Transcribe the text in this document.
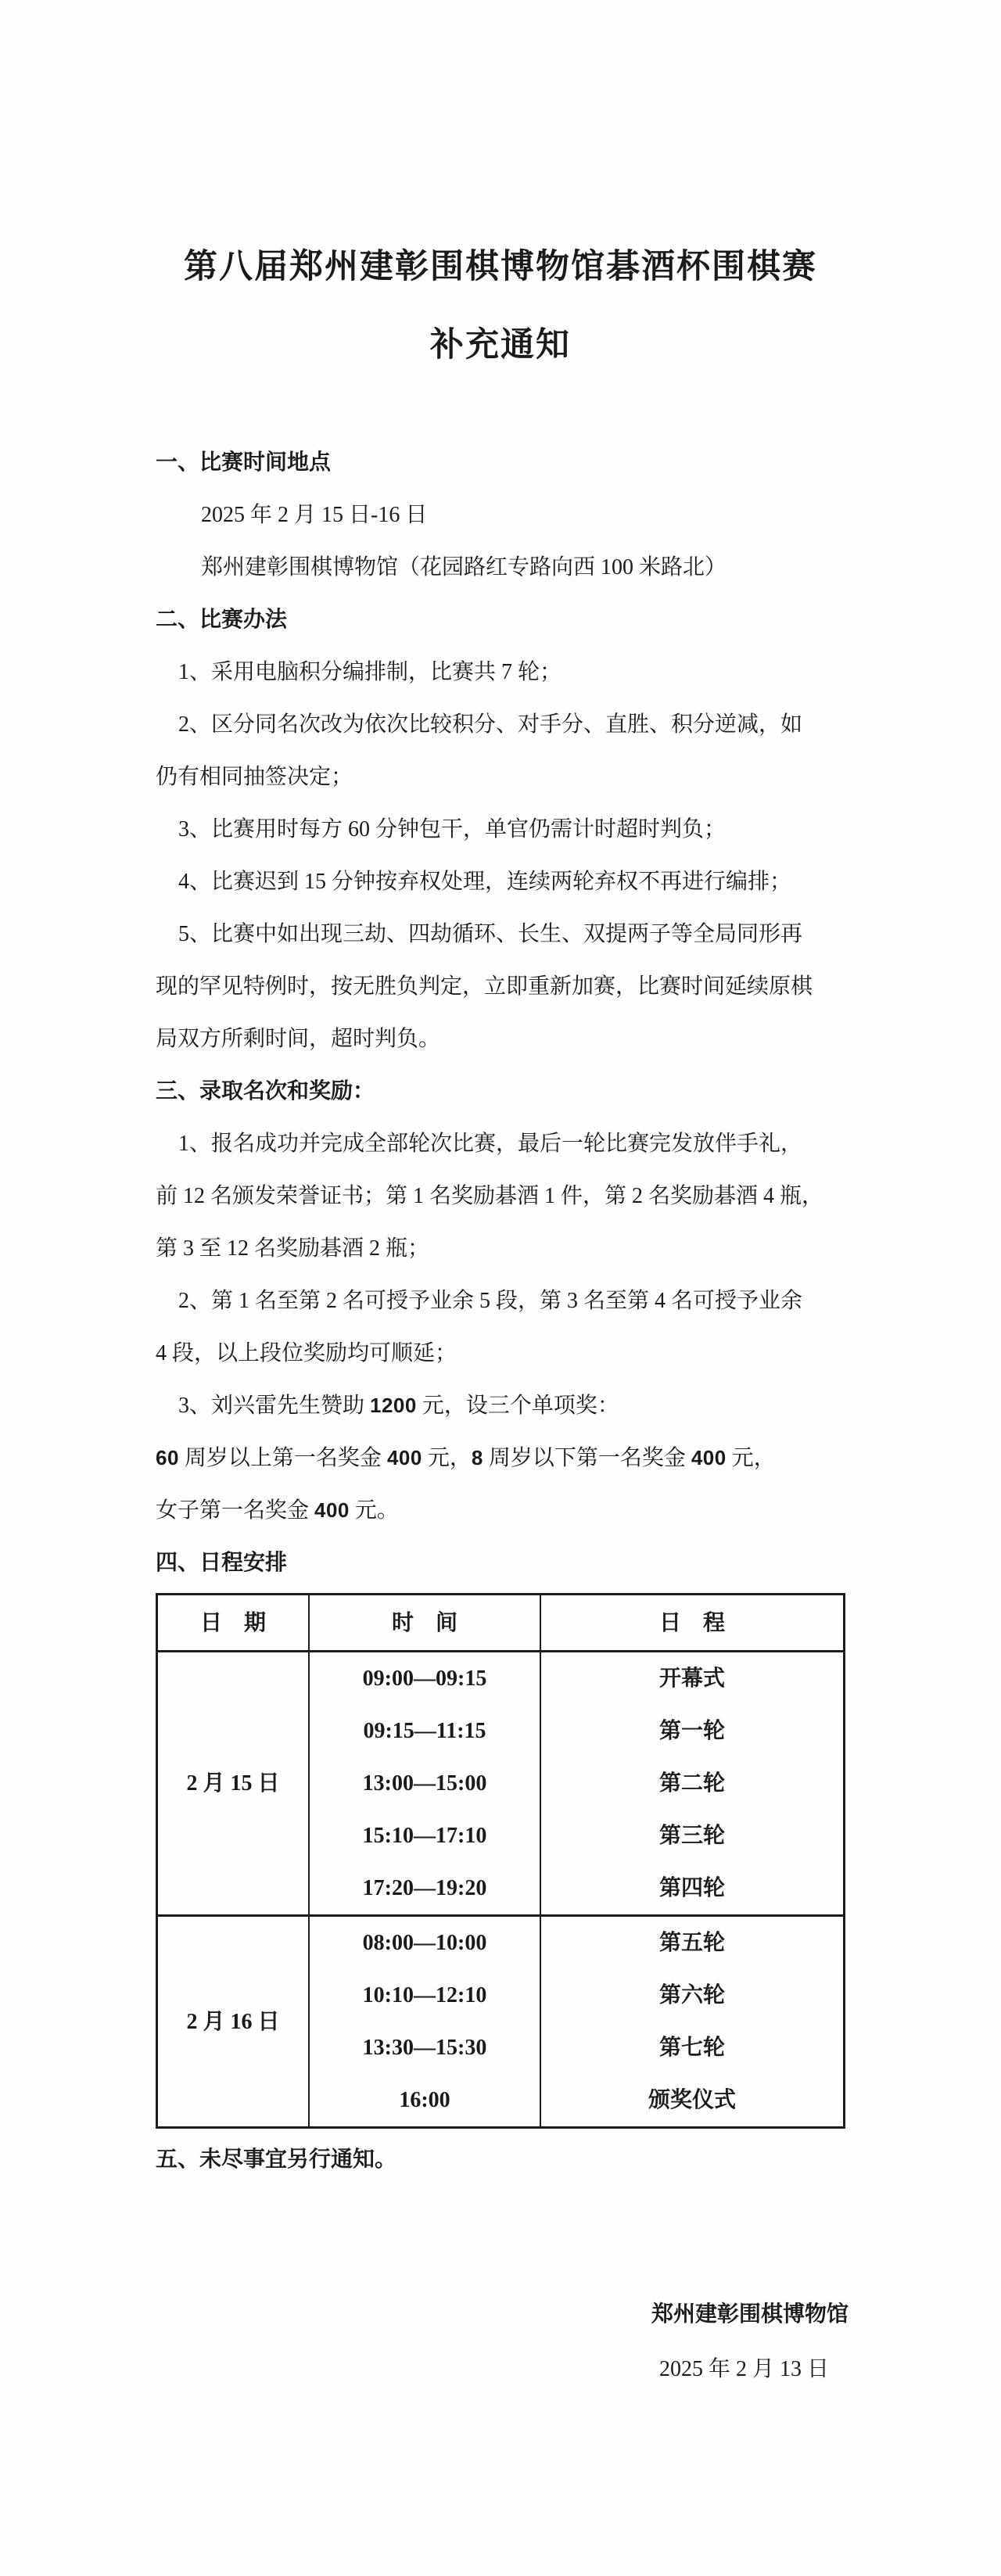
第八届郑州建彰围棋博物馆碁酒杯围棋赛
补充通知
一、比赛时间地点
2025 年 2 月 15 日-16 日
郑州建彰围棋博物馆（花园路红专路向西 100 米路北）
二、比赛办法
1、采用电脑积分编排制，比赛共 7 轮；
2、区分同名次改为依次比较积分、对手分、直胜、积分逆减，如
仍有相同抽签决定；
3、比赛用时每方 60 分钟包干，单官仍需计时超时判负；
4、比赛迟到 15 分钟按弃权处理，连续两轮弃权不再进行编排；
5、比赛中如出现三劫、四劫循环、长生、双提两子等全局同形再
现的罕见特例时，按无胜负判定，立即重新加赛，比赛时间延续原棋
局双方所剩时间，超时判负。
三、录取名次和奖励：
1、报名成功并完成全部轮次比赛，最后一轮比赛完发放伴手礼，
前 12 名颁发荣誉证书；第 1 名奖励碁酒 1 件，第 2 名奖励碁酒 4 瓶，
第 3 至 12 名奖励碁酒 2 瓶；
2、第 1 名至第 2 名可授予业余 5 段，第 3 名至第 4 名可授予业余
4 段，以上段位奖励均可顺延；
3、刘兴雷先生赞助 1200 元，设三个单项奖：
60 周岁以上第一名奖金 400 元，8 周岁以下第一名奖金 400 元，
女子第一名奖金 400 元。
四、日程安排
日　期	时　间	日　程
2 月 15 日	09:00—09:15	开幕式
	09:15—11:15	第一轮
	13:00—15:00	第二轮
	15:10—17:10	第三轮
	17:20—19:20	第四轮
2 月 16 日	08:00—10:00	第五轮
	10:10—12:10	第六轮
	13:30—15:30	第七轮
	16:00	颁奖仪式
五、未尽事宜另行通知。
郑州建彰围棋博物馆
2025 年 2 月 13 日
